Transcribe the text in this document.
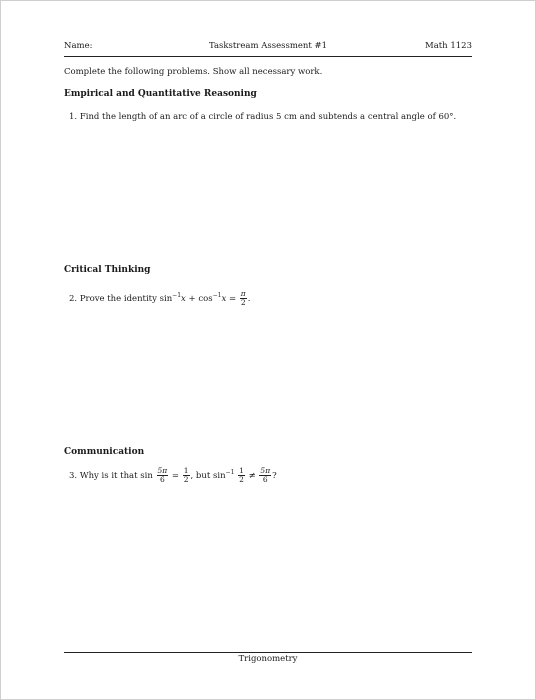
Name:	Taskstream Assessment #1	Math 1123
Complete the following problems. Show all necessary work.
Empirical and Quantitative Reasoning
1. Find the length of an arc of a circle of radius 5 cm and subtends a central angle of 60°.
Critical Thinking
2. Prove the identity $\sin^{-1}x + \cos^{-1}x = \frac{\pi}{2}$ .
Communication
3. Why is it that $\sin \frac{5\pi}{6} = \frac{1}{2}$ , but $\sin^{-1} \frac{1}{2} \ne \frac{5\pi}{6}$ ?
Trigonometry
